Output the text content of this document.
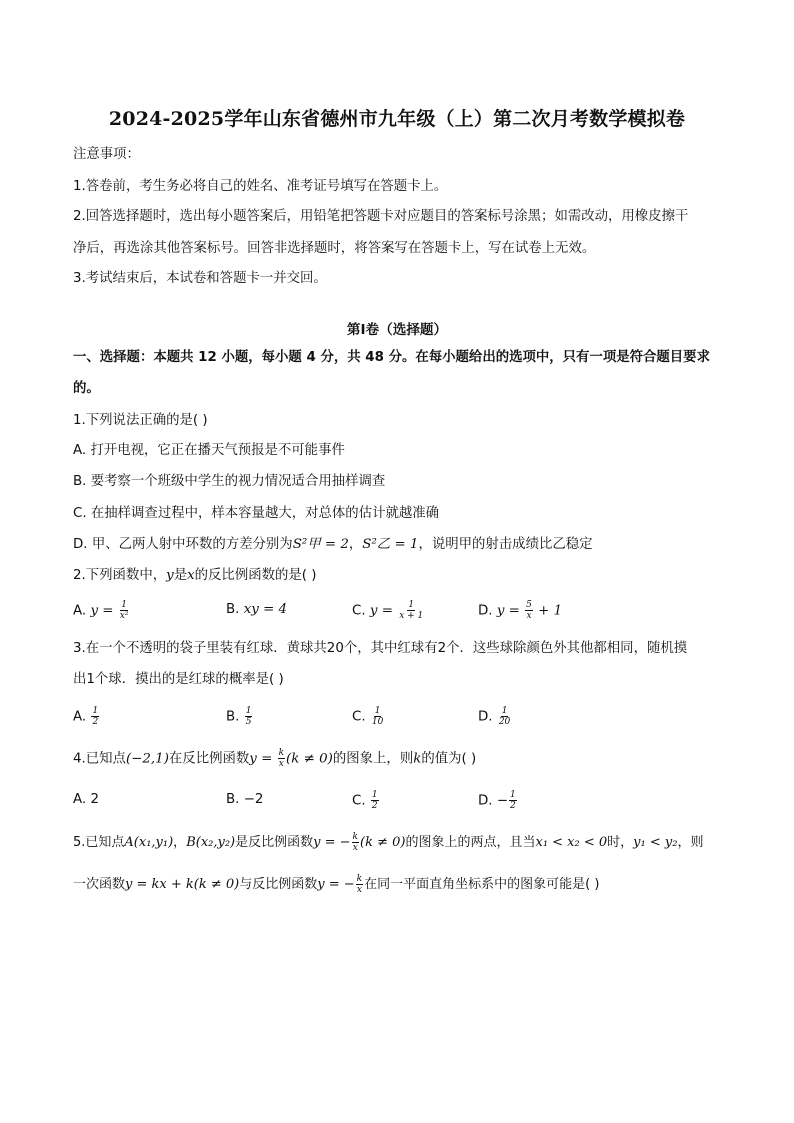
2024-2025学年山东省德州市九年级（上）第二次月考数学模拟卷
注意事项：
1.答卷前，考生务必将自己的姓名、准考证号填写在答题卡上。
2.回答选择题时，选出每小题答案后，用铅笔把答题卡对应题目的答案标号涂黑；如需改动，用橡皮擦干
净后，再选涂其他答案标号。回答非选择题时，将答案写在答题卡上，写在试卷上无效。
3.考试结束后，本试卷和答题卡一并交回。
第I卷（选择题）
一、选择题：本题共 12 小题，每小题 4 分，共 48 分。在每小题给出的选项中，只有一项是符合题目要求
的。
1.下列说法正确的是( )
A. 打开电视，它正在播天气预报是不可能事件
B. 要考察一个班级中学生的视力情况适合用抽样调查
C. 在抽样调查过程中，样本容量越大，对总体的估计就越准确
D. 甲、乙两人射中环数的方差分别为S²甲 = 2，S²乙 = 1，说明甲的射击成绩比乙稳定
2.下列函数中，y是x的反比例函数的是( )
A. $y = \frac{1}{\text{x²}}$	B. xy = 4	C. $y = \frac{1}{x + 1}$	D. $y = \frac{5}{x} + 1$
3.在一个不透明的袋子里装有红球．黄球共20个，其中红球有2个．这些球除颜色外其他都相同，随机摸
出1个球．摸出的是红球的概率是( )
A. $\frac{1}{2}$	B. $\frac{1}{5}$	C. $\frac{1}{10}$	D. $\frac{1}{20}$
4.已知点(−2,1)在反比例函数$y = \frac{k}{x} (k \ne 0)$的图象上，则k的值为( )
A. 2	B. −2	C. $\frac{1}{2}$	D. − $\frac{1}{2}$
5.已知点A(x₁,y₁)，B(x₂,y₂)是反比例函数y = − $\frac{k}{x} (k \ne 0)$的图象上的两点，且当x₁ < x₂ < 0时，y₁ < y₂，则
一次函数y = kx + k(k ≠ 0)与反比例函数y = − $\frac{k}{x}$ 在同一平面直角坐标系中的图象可能是( )
